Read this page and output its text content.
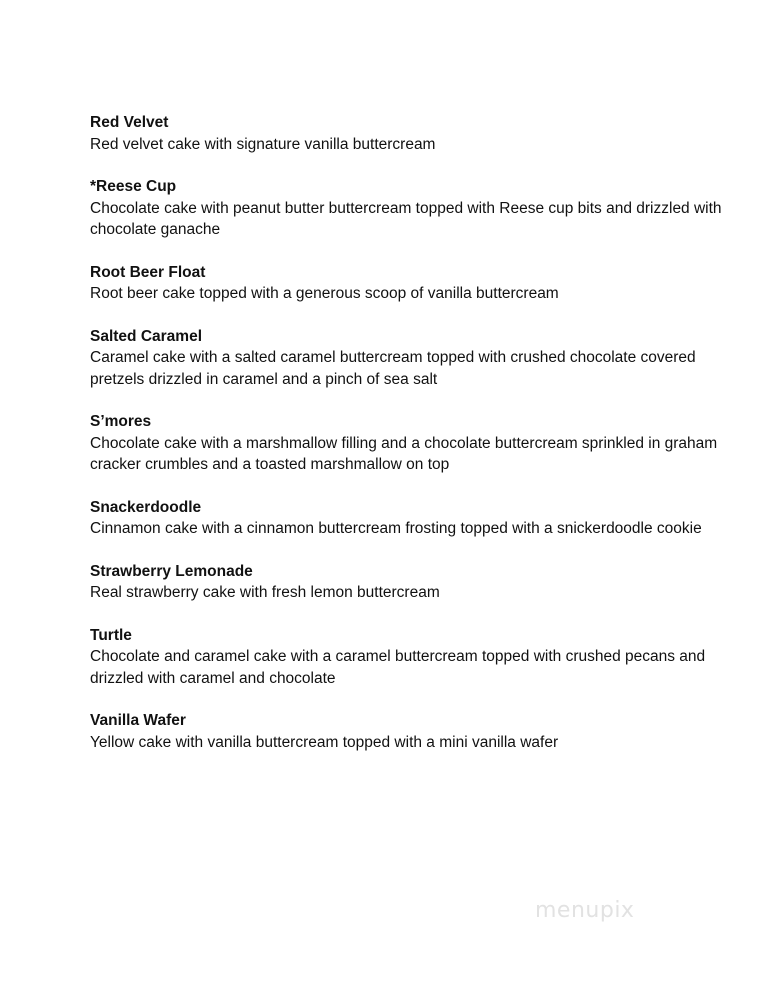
Red Velvet

Red velvet cake with signature vanilla buttercream

*Reese Cup

Chocolate cake with peanut butter buttercream topped with Reese cup bits and drizzled with chocolate ganache

Root Beer Float

Root beer cake topped with a generous scoop of vanilla buttercream

Salted Caramel

Caramel cake with a salted caramel buttercream topped with crushed chocolate covered pretzels drizzled in caramel and a pinch of sea salt

S’mores

Chocolate cake with a marshmallow filling and a chocolate buttercream sprinkled in graham cracker crumbles and a toasted marshmallow on top

Snackerdoodle

Cinnamon cake with a cinnamon buttercream frosting topped with a snickerdoodle cookie

Strawberry Lemonade

Real strawberry cake with fresh lemon buttercream

Turtle

Chocolate and caramel cake with a caramel buttercream topped with crushed pecans and drizzled with caramel and chocolate

Vanilla Wafer

Yellow cake with vanilla buttercream topped with a mini vanilla wafer

menupix
